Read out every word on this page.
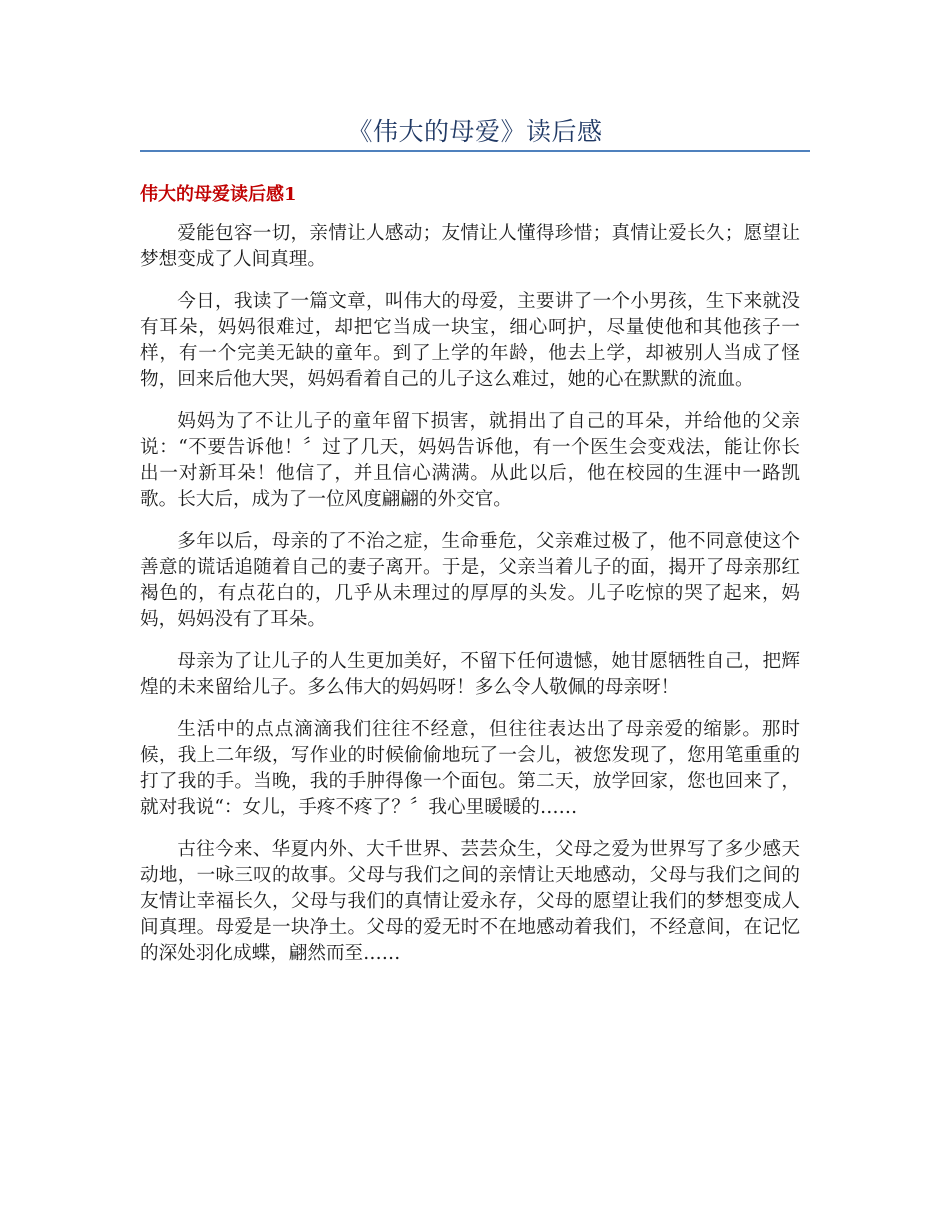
《伟大的母爱》读后感
伟大的母爱读后感1

爱能包容一切，亲情让人感动；友情让人懂得珍惜；真情让爱长久；愿望让梦想变成了人间真理。

今日，我读了一篇文章，叫伟大的母爱，主要讲了一个小男孩，生下来就没有耳朵，妈妈很难过，却把它当成一块宝，细心呵护，尽量使他和其他孩子一样，有一个完美无缺的童年。到了上学的年龄，他去上学，却被别人当成了怪物，回来后他大哭，妈妈看着自己的儿子这么难过，她的心在默默的流血。

妈妈为了不让儿子的童年留下损害，就捐出了自己的耳朵，并给他的父亲说：“不要告诉他！〞过了几天，妈妈告诉他，有一个医生会变戏法，能让你长出一对新耳朵！他信了，并且信心满满。从此以后，他在校园的生涯中一路凯歌。长大后，成为了一位风度翩翩的外交官。

多年以后，母亲的了不治之症，生命垂危，父亲难过极了，他不同意使这个善意的谎话追随着自己的妻子离开。于是，父亲当着儿子的面，揭开了母亲那红褐色的，有点花白的，几乎从未理过的厚厚的头发。儿子吃惊的哭了起来，妈妈，妈妈没有了耳朵。

母亲为了让儿子的人生更加美好，不留下任何遗憾，她甘愿牺牲自己，把辉煌的未来留给儿子。多么伟大的妈妈呀！多么令人敬佩的母亲呀！

生活中的点点滴滴我们往往不经意，但往往表达出了母亲爱的缩影。那时候，我上二年级，写作业的时候偷偷地玩了一会儿，被您发现了，您用笔重重的打了我的手。当晚，我的手肿得像一个面包。第二天，放学回家，您也回来了，就对我说“：女儿，手疼不疼了？〞我心里暖暖的……

古往今来、华夏内外、大千世界、芸芸众生，父母之爱为世界写了多少感天动地，一咏三叹的故事。父母与我们之间的亲情让天地感动，父母与我们之间的友情让幸福长久，父母与我们的真情让爱永存，父母的愿望让我们的梦想变成人间真理。母爱是一块净土。父母的爱无时不在地感动着我们，不经意间，在记忆的深处羽化成蝶，翩然而至……
